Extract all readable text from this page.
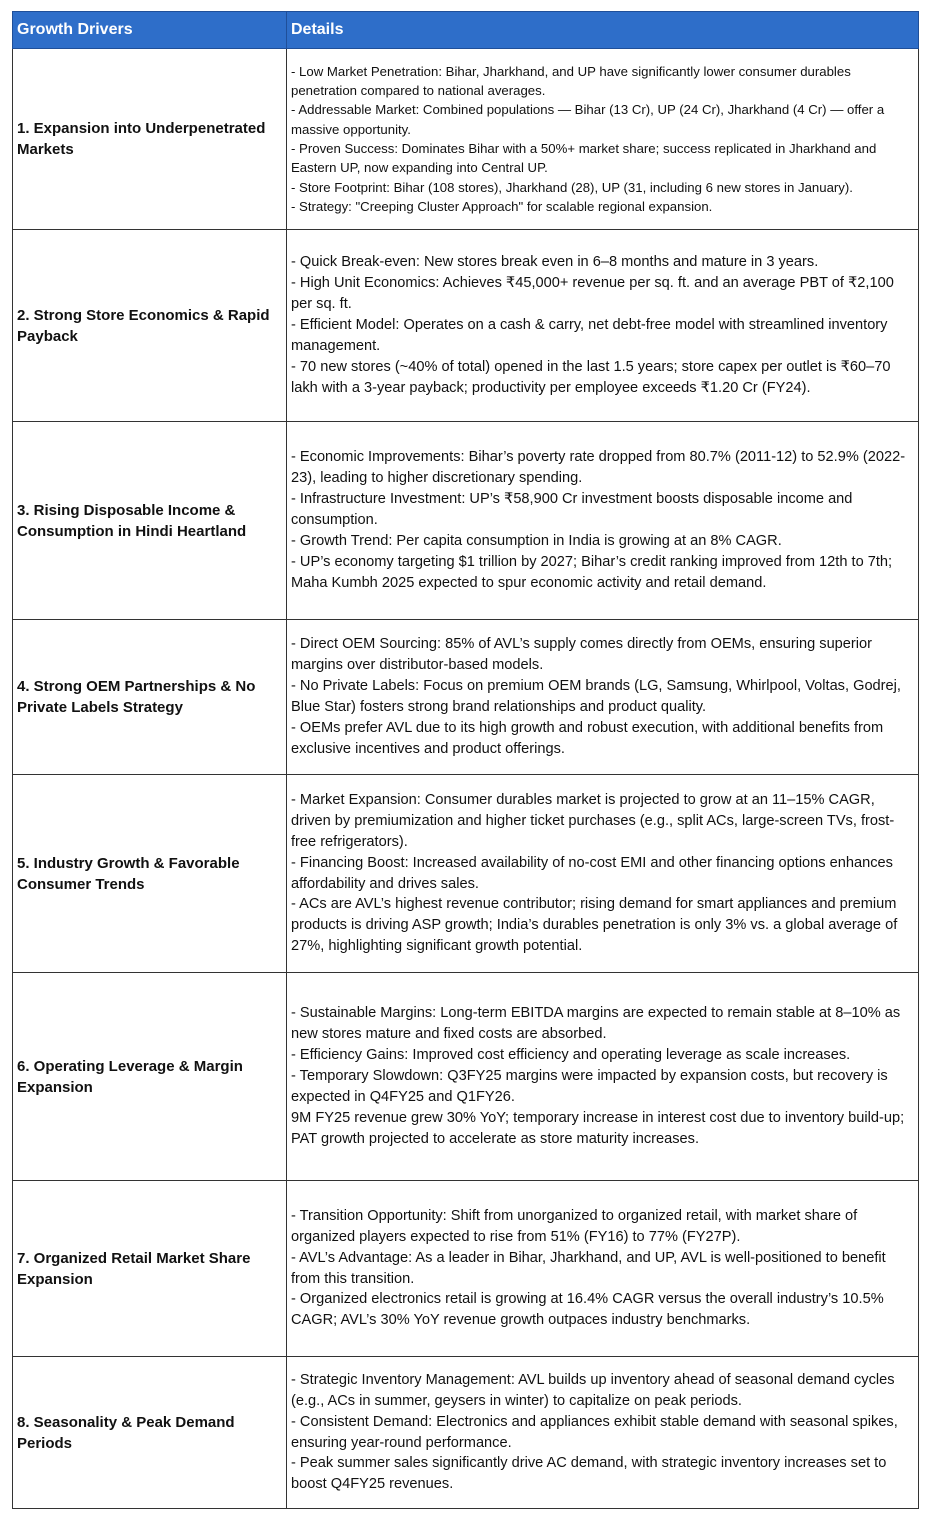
Growth Drivers	Details
1. Expansion into Underpenetrated Markets	- Low Market Penetration: Bihar, Jharkhand, and UP have significantly lower consumer durables penetration compared to national averages.
- Addressable Market: Combined populations — Bihar (13 Cr), UP (24 Cr), Jharkhand (4 Cr) — offer a massive opportunity.
- Proven Success: Dominates Bihar with a 50%+ market share; success replicated in Jharkhand and Eastern UP, now expanding into Central UP.
- Store Footprint: Bihar (108 stores), Jharkhand (28), UP (31, including 6 new stores in January).
- Strategy: "Creeping Cluster Approach" for scalable regional expansion.

2. Strong Store Economics & Rapid Payback	- Quick Break-even: New stores break even in 6–8 months and mature in 3 years.
- High Unit Economics: Achieves ₹45,000+ revenue per sq. ft. and an average PBT of ₹2,100 per sq. ft.
- Efficient Model: Operates on a cash & carry, net debt-free model with streamlined inventory management.
- 70 new stores (~40% of total) opened in the last 1.5 years; store capex per outlet is ₹60–70 lakh with a 3-year payback; productivity per employee exceeds ₹1.20 Cr (FY24).

3. Rising Disposable Income & Consumption in Hindi Heartland	- Economic Improvements: Bihar’s poverty rate dropped from 80.7% (2011-12) to 52.9% (2022-23), leading to higher discretionary spending.
- Infrastructure Investment: UP’s ₹58,900 Cr investment boosts disposable income and consumption.
- Growth Trend: Per capita consumption in India is growing at an 8% CAGR.
- UP’s economy targeting $1 trillion by 2027; Bihar’s credit ranking improved from 12th to 7th; Maha Kumbh 2025 expected to spur economic activity and retail demand.

4. Strong OEM Partnerships & No Private Labels Strategy	- Direct OEM Sourcing: 85% of AVL’s supply comes directly from OEMs, ensuring superior margins over distributor-based models.
- No Private Labels: Focus on premium OEM brands (LG, Samsung, Whirlpool, Voltas, Godrej, Blue Star) fosters strong brand relationships and product quality.
- OEMs prefer AVL due to its high growth and robust execution, with additional benefits from exclusive incentives and product offerings.

5. Industry Growth & Favorable Consumer Trends	- Market Expansion: Consumer durables market is projected to grow at an 11–15% CAGR, driven by premiumization and higher ticket purchases (e.g., split ACs, large-screen TVs, frost-free refrigerators).
- Financing Boost: Increased availability of no-cost EMI and other financing options enhances affordability and drives sales.
- ACs are AVL’s highest revenue contributor; rising demand for smart appliances and premium products is driving ASP growth; India’s durables penetration is only 3% vs. a global average of 27%, highlighting significant growth potential.

6. Operating Leverage & Margin Expansion	- Sustainable Margins: Long-term EBITDA margins are expected to remain stable at 8–10% as new stores mature and fixed costs are absorbed.
- Efficiency Gains: Improved cost efficiency and operating leverage as scale increases.
- Temporary Slowdown: Q3FY25 margins were impacted by expansion costs, but recovery is expected in Q4FY25 and Q1FY26.
9M FY25 revenue grew 30% YoY; temporary increase in interest cost due to inventory build-up; PAT growth projected to accelerate as store maturity increases.

7. Organized Retail Market Share Expansion	- Transition Opportunity: Shift from unorganized to organized retail, with market share of organized players expected to rise from 51% (FY16) to 77% (FY27P).
- AVL’s Advantage: As a leader in Bihar, Jharkhand, and UP, AVL is well-positioned to benefit from this transition.
- Organized electronics retail is growing at 16.4% CAGR versus the overall industry’s 10.5% CAGR; AVL’s 30% YoY revenue growth outpaces industry benchmarks.

8. Seasonality & Peak Demand Periods	- Strategic Inventory Management: AVL builds up inventory ahead of seasonal demand cycles (e.g., ACs in summer, geysers in winter) to capitalize on peak periods.
- Consistent Demand: Electronics and appliances exhibit stable demand with seasonal spikes, ensuring year-round performance.
- Peak summer sales significantly drive AC demand, with strategic inventory increases set to boost Q4FY25 revenues.
